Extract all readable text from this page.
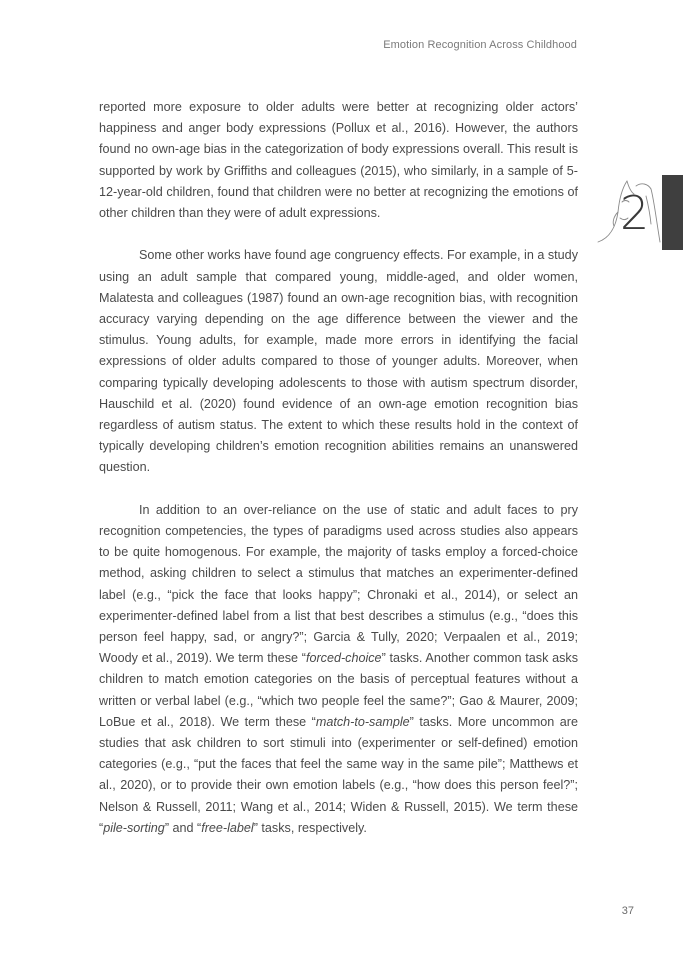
Emotion Recognition Across Childhood
2

reported more exposure to older adults were better at recognizing older actors’ happiness and anger body expressions (Pollux et al., 2016). However, the authors found no own-age bias in the categorization of body expressions overall. This result is supported by work by Griffiths and colleagues (2015), who similarly, in a sample of 5-12-year-old children, found that children were no better at recognizing the emotions of other children than they were of adult expressions.

Some other works have found age congruency effects. For example, in a study using an adult sample that compared young, middle-aged, and older women, Malatesta and colleagues (1987) found an own-age recognition bias, with recognition accuracy varying depending on the age difference between the viewer and the stimulus. Young adults, for example, made more errors in identifying the facial expressions of older adults compared to those of younger adults. Moreover, when comparing typically developing adolescents to those with autism spectrum disorder, Hauschild et al. (2020) found evidence of an own-age emotion recognition bias regardless of autism status. The extent to which these results hold in the context of typically developing children’s emotion recognition abilities remains an unanswered question.

In addition to an over-reliance on the use of static and adult faces to pry recognition competencies, the types of paradigms used across studies also appears to be quite homogenous. For example, the majority of tasks employ a forced-choice method, asking children to select a stimulus that matches an experimenter-defined label (e.g., “pick the face that looks happy”; Chronaki et al., 2014), or select an experimenter-defined label from a list that best describes a stimulus (e.g., “does this person feel happy, sad, or angry?”; Garcia & Tully, 2020; Verpaalen et al., 2019; Woody et al., 2019). We term these “forced-choice” tasks. Another common task asks children to match emotion categories on the basis of perceptual features without a written or verbal label (e.g., “which two people feel the same?”; Gao & Maurer, 2009; LoBue et al., 2018). We term these “match-to-sample” tasks. More uncommon are studies that ask children to sort stimuli into (experimenter or self-defined) emotion categories (e.g., “put the faces that feel the same way in the same pile”; Matthews et al., 2020), or to provide their own emotion labels (e.g., “how does this person feel?”; Nelson & Russell, 2011; Wang et al., 2014; Widen & Russell, 2015). We term these “pile-sorting” and “free-label” tasks, respectively.

37
